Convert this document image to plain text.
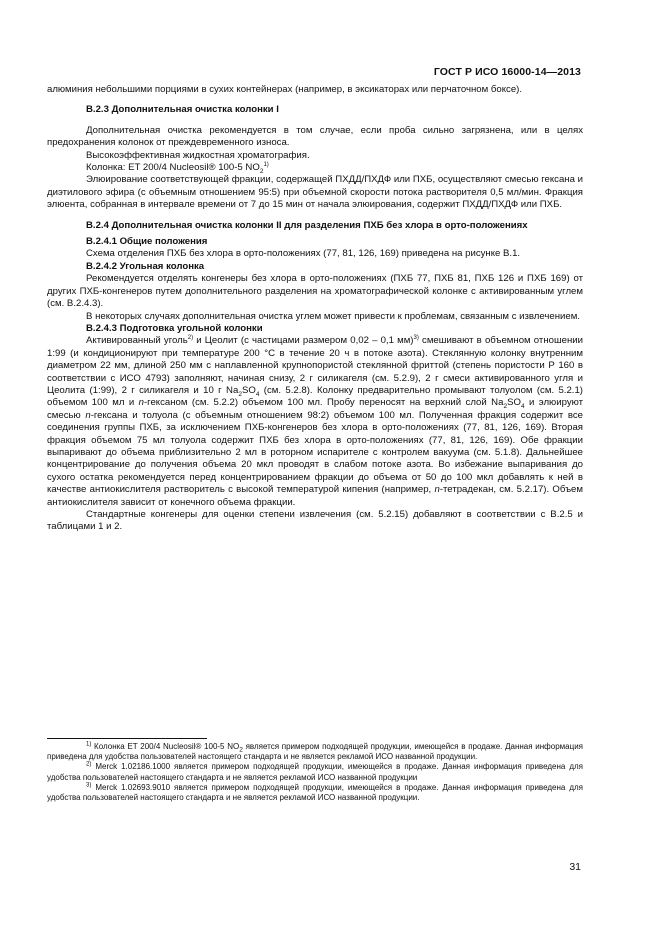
ГОСТ Р ИСО 16000-14—2013

алюминия небольшими порциями в сухих контейнерах (например, в эксикаторах или перчаточном боксе).

B.2.3 Дополнительная очистка колонки I

Дополнительная очистка рекомендуется в том случае, если проба сильно загрязнена, или в целях предохранения колонок от преждевременного износа.

Высокоэффективная жидкостная хроматография.

Колонка: ET 200/4 Nucleosil® 100-5 $NO_2^{1)}$

Элюирование соответствующей фракции, содержащей ПХДД/ПХДФ или ПХБ, осуществляют смесью гексана и диэтилового эфира (с объемным отношением 95:5) при объемной скорости потока растворителя 0,5 мл/мин. Фракция элюента, собранная в интервале времени от 7 до 15 мин от начала элюирования, содержит ПХДД/ПХДФ или ПХБ.

B.2.4 Дополнительная очистка колонки II для разделения ПХБ без хлора в орто-положениях

B.2.4.1 Общие положения

Схема отделения ПХБ без хлора в орто-положениях (77, 81, 126, 169) приведена на рисунке B.1.

B.2.4.2 Угольная колонка

Рекомендуется отделять конгенеры без хлора в орто-положениях (ПХБ 77, ПХБ 81, ПХБ 126 и ПХБ 169) от других ПХБ-конгенеров путем дополнительного разделения на хроматографической колонке с активированным углем (см. B.2.4.3).

В некоторых случаях дополнительная очистка углем может привести к проблемам, связанным с извлечением.

B.2.4.3 Подготовка угольной колонки

Активированный уголь$^{2)}$ и Цеолит (с частицами размером 0,02 – 0,1 мм)$^{3)}$ смешивают в объемном отношении 1:99 (и кондиционируют при температуре 200 °С в течение 20 ч в потоке азота). Стеклянную колонку внутренним диаметром 22 мм, длиной 250 мм с наплавленной крупнопористой стеклянной фриттой (степень пористости Р 160 в соответствии с ИСО 4793) заполняют, начиная снизу, 2 г силикагеля (см. 5.2.9), 2 г смеси активированного угля и Цеолита (1:99), 2 г силикагеля и 10 г $Na_2SO_4$ (см. 5.2.8). Колонку предварительно промывают толуолом (см. 5.2.1) объемом 100 мл и n-гексаном (см. 5.2.2) объемом 100 мл. Пробу переносят на верхний слой $Na_2SO_4$ и элюируют смесью n-гексана и толуола (с объемным отношением 98:2) объемом 100 мл. Полученная фракция содержит все соединения группы ПХБ, за исключением ПХБ-конгенеров без хлора в орто-положениях (77, 81, 126, 169). Вторая фракция объемом 75 мл толуола содержит ПХБ без хлора в орто-положениях (77, 81, 126, 169). Обе фракции выпаривают до объема приблизительно 2 мл в роторном испарителе с контролем вакуума (см. 5.1.8). Дальнейшее концентрирование до получения объема 20 мкл проводят в слабом потоке азота. Во избежание выпаривания до сухого остатка рекомендуется перед концентрированием фракции до объема от 50 до 100 мкл добавлять к ней в качестве антиокислителя растворитель с высокой температурой кипения (например, n-тетрадекан, см. 5.2.17). Объем антиокислителя зависит от конечного объема фракции.

Стандартные конгенеры для оценки степени извлечения (см. 5.2.15) добавляют в соответствии с B.2.5 и таблицами 1 и 2.

$^{1)}$ Колонка ET 200/4 Nucleosil® 100-5 $NO_2$ является примером подходящей продукции, имеющейся в продаже. Данная информация приведена для удобства пользователей настоящего стандарта и не является рекламой ИСО названной продукции.

$^{2)}$ Merck 1.02186.1000 является примером подходящей продукции, имеющейся в продаже. Данная информация приведена для удобства пользователей настоящего стандарта и не является рекламой ИСО названной продукции

$^{3)}$ Merck 1.02693.9010 является примером подходящей продукции, имеющейся в продаже. Данная информация приведена для удобства пользователей настоящего стандарта и не является рекламой ИСО названной продукции.

31
